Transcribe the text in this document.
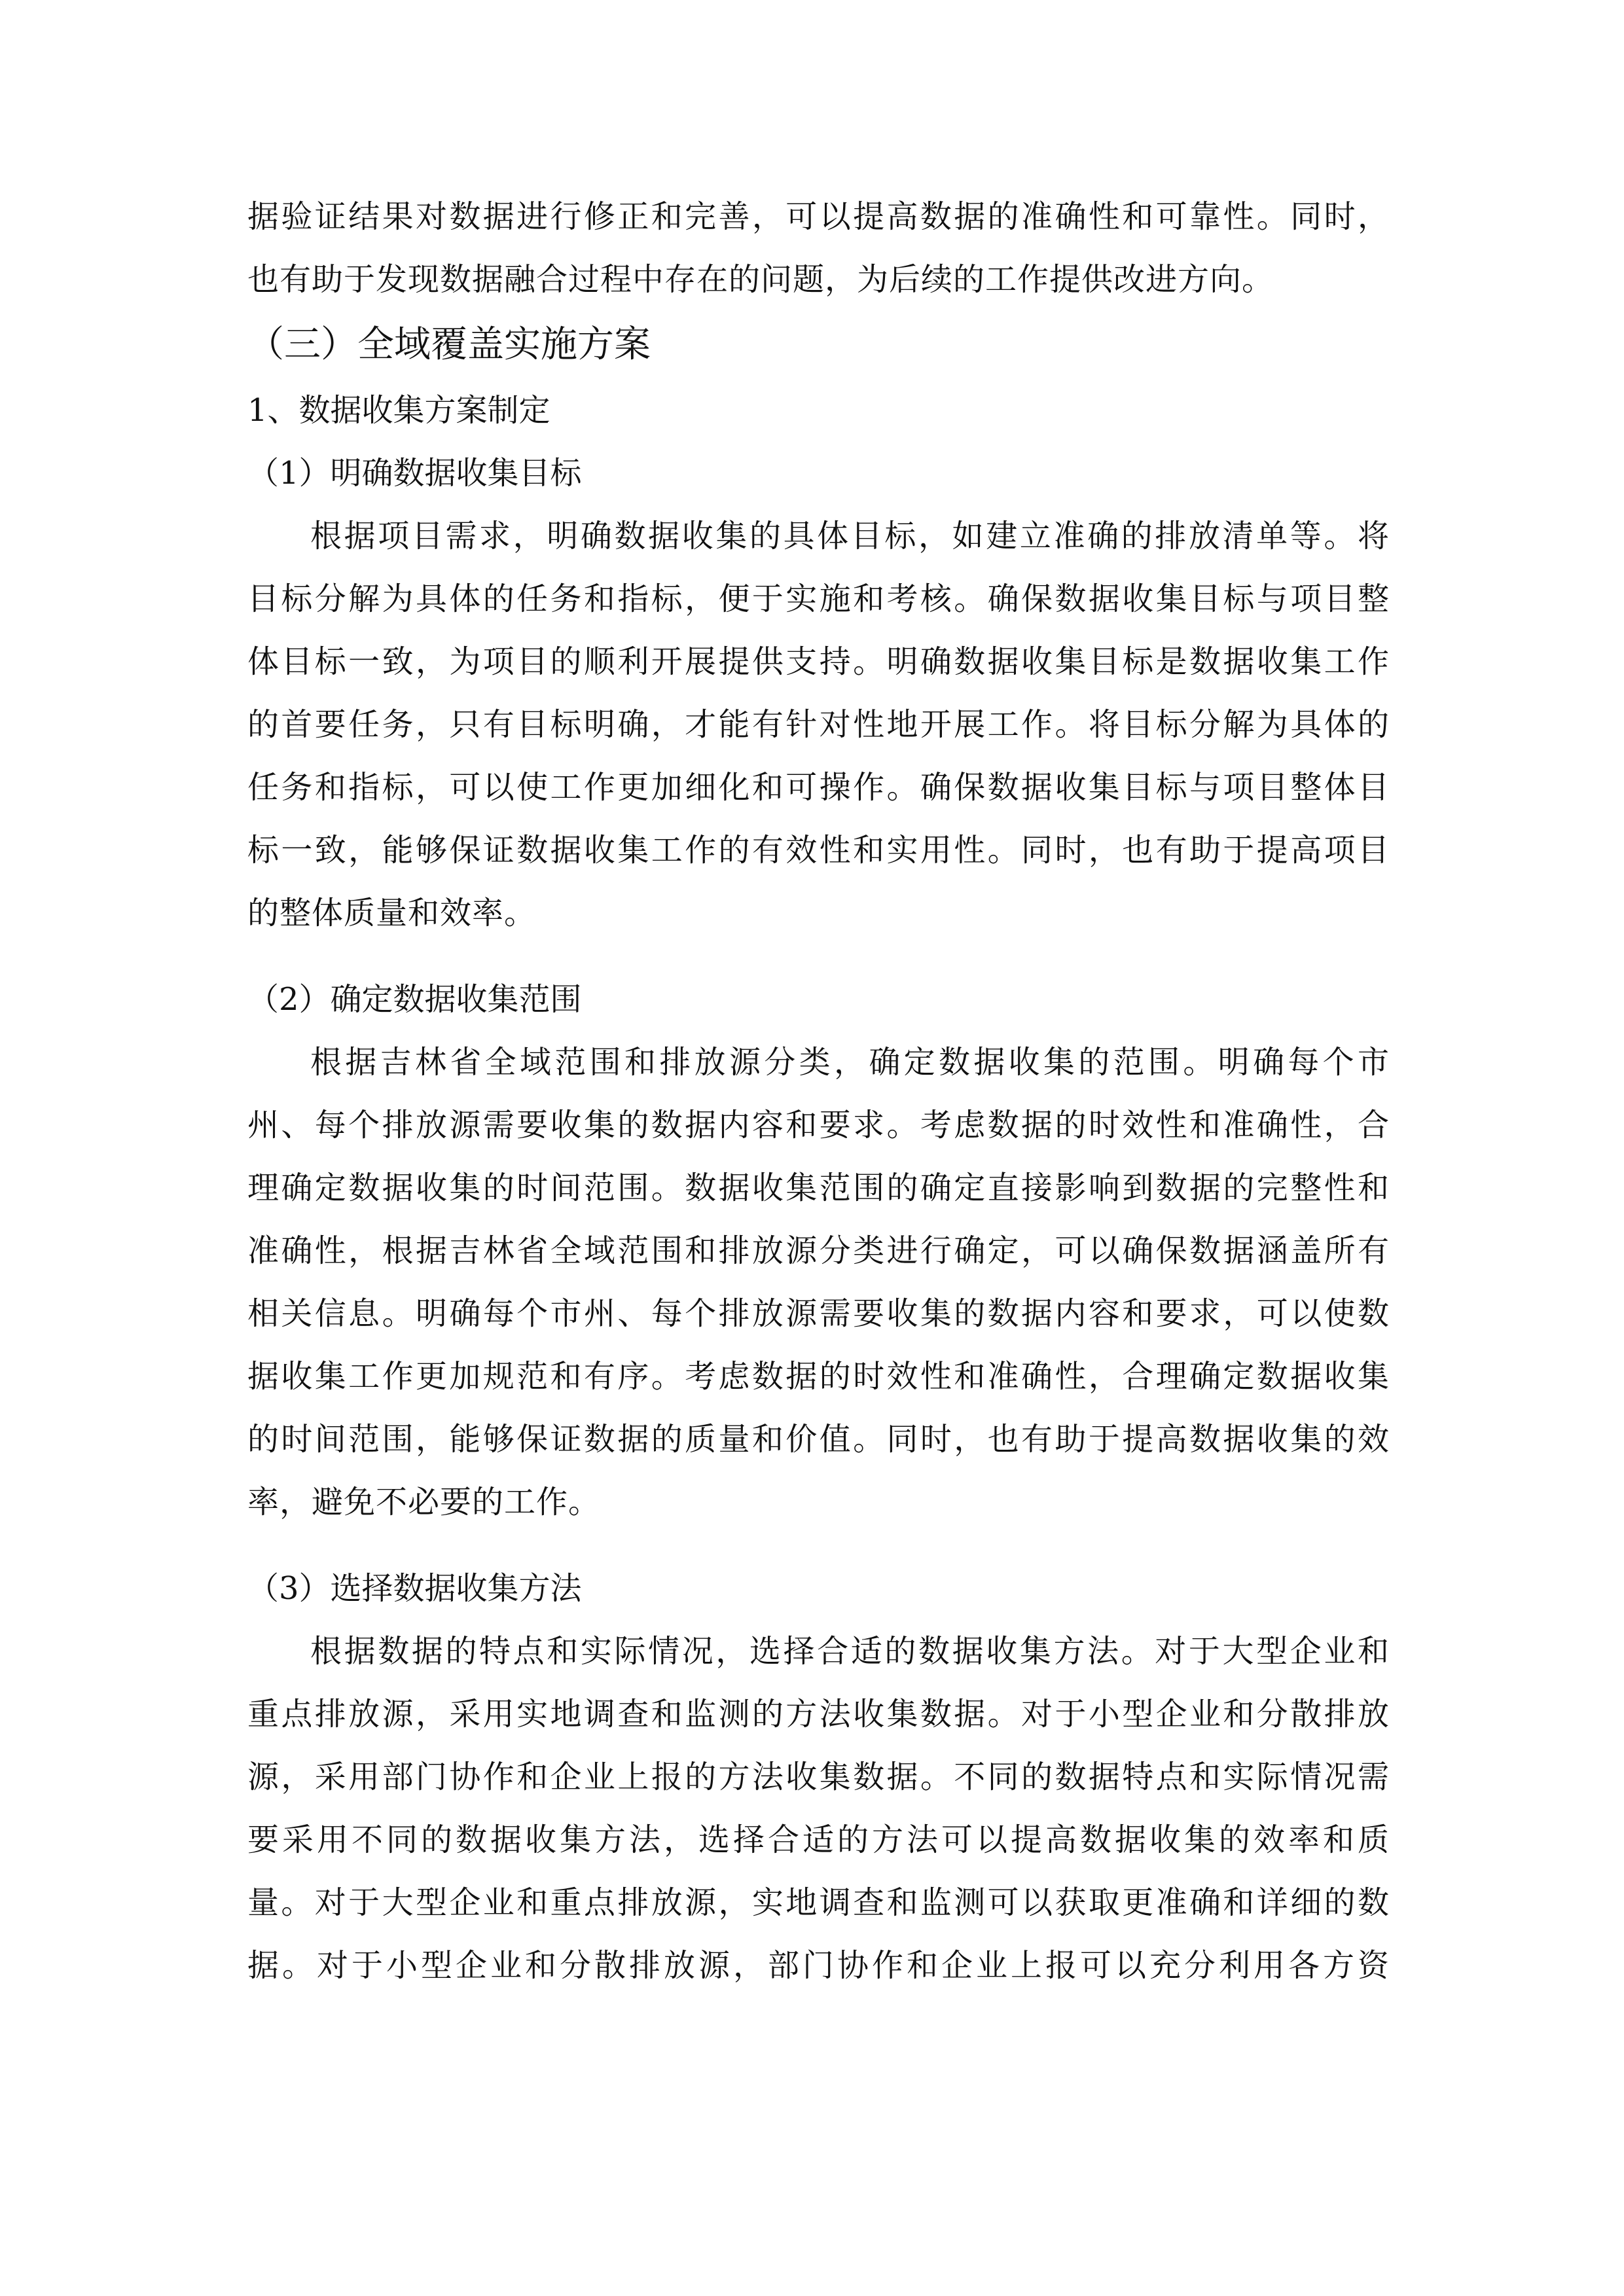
据验证结果对数据进行修正和完善，可以提高数据的准确性和可靠性。同时，
也有助于发现数据融合过程中存在的问题，为后续的工作提供改进方向。
（三）全域覆盖实施方案
1、数据收集方案制定
（1）明确数据收集目标
根据项目需求，明确数据收集的具体目标，如建立准确的排放清单等。将
目标分解为具体的任务和指标，便于实施和考核。确保数据收集目标与项目整
体目标一致，为项目的顺利开展提供支持。明确数据收集目标是数据收集工作
的首要任务，只有目标明确，才能有针对性地开展工作。将目标分解为具体的
任务和指标，可以使工作更加细化和可操作。确保数据收集目标与项目整体目
标一致，能够保证数据收集工作的有效性和实用性。同时，也有助于提高项目
的整体质量和效率。
（2）确定数据收集范围
根据吉林省全域范围和排放源分类，确定数据收集的范围。明确每个市
州、每个排放源需要收集的数据内容和要求。考虑数据的时效性和准确性，合
理确定数据收集的时间范围。数据收集范围的确定直接影响到数据的完整性和
准确性，根据吉林省全域范围和排放源分类进行确定，可以确保数据涵盖所有
相关信息。明确每个市州、每个排放源需要收集的数据内容和要求，可以使数
据收集工作更加规范和有序。考虑数据的时效性和准确性，合理确定数据收集
的时间范围，能够保证数据的质量和价值。同时，也有助于提高数据收集的效
率，避免不必要的工作。
（3）选择数据收集方法
根据数据的特点和实际情况，选择合适的数据收集方法。对于大型企业和
重点排放源，采用实地调查和监测的方法收集数据。对于小型企业和分散排放
源，采用部门协作和企业上报的方法收集数据。不同的数据特点和实际情况需
要采用不同的数据收集方法，选择合适的方法可以提高数据收集的效率和质
量。对于大型企业和重点排放源，实地调查和监测可以获取更准确和详细的数
据。对于小型企业和分散排放源，部门协作和企业上报可以充分利用各方资
